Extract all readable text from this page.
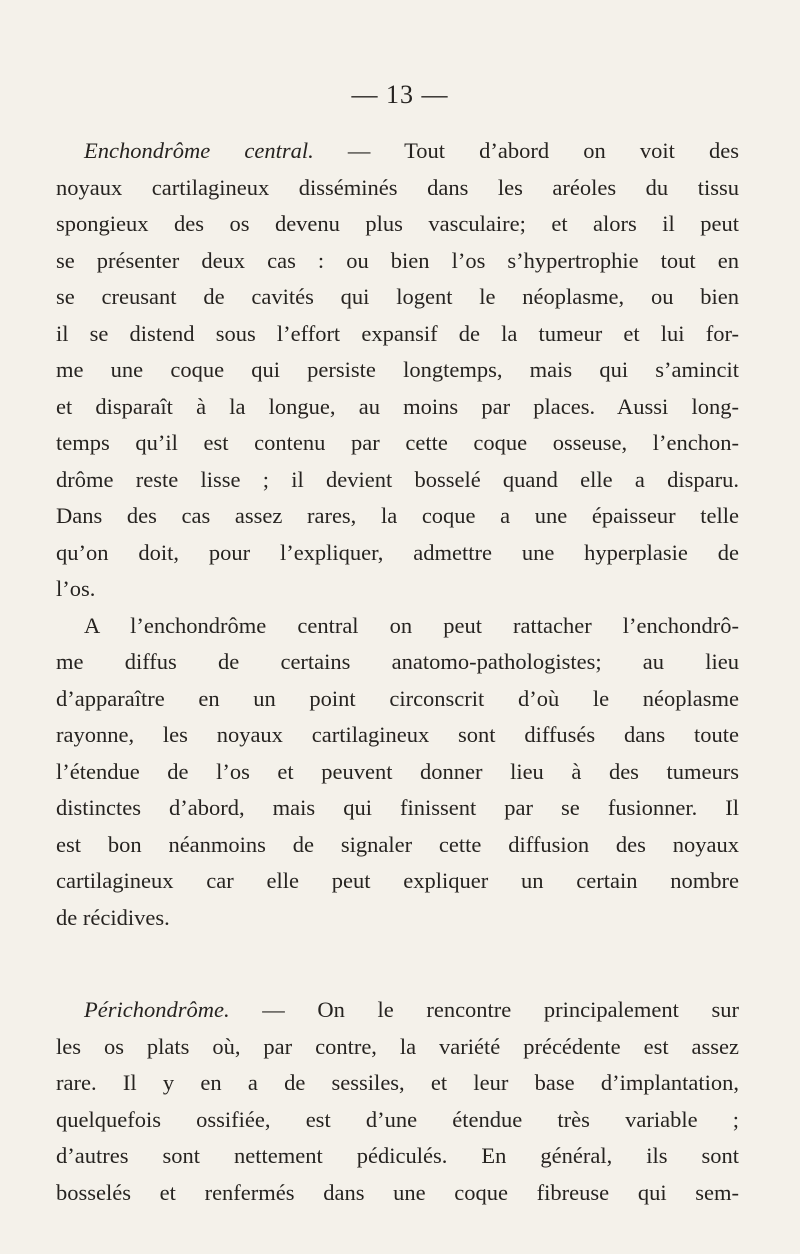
— 13 —
Enchondrôme central. — Tout d’abord on voit des
noyaux cartilagineux disséminés dans les aréoles du tissu
spongieux des os devenu plus vasculaire; et alors il peut
se présenter deux cas : ou bien l’os s’hypertrophie tout en
se creusant de cavités qui logent le néoplasme, ou bien
il se distend sous l’effort expansif de la tumeur et lui for-
me une coque qui persiste longtemps, mais qui s’amincit
et disparaît à la longue, au moins par places. Aussi long-
temps qu’il est contenu par cette coque osseuse, l’enchon-
drôme reste lisse ; il devient bosselé quand elle a disparu.
Dans des cas assez rares, la coque a une épaisseur telle
qu’on doit, pour l’expliquer, admettre une hyperplasie de
l’os.
A l’enchondrôme central on peut rattacher l’enchondrô-
me diffus de certains anatomo-pathologistes; au lieu
d’apparaître en un point circonscrit d’où le néoplasme
rayonne, les noyaux cartilagineux sont diffusés dans toute
l’étendue de l’os et peuvent donner lieu à des tumeurs
distinctes d’abord, mais qui finissent par se fusionner. Il
est bon néanmoins de signaler cette diffusion des noyaux
cartilagineux car elle peut expliquer un certain nombre
de récidives.
Périchondrôme. — On le rencontre principalement sur
les os plats où, par contre, la variété précédente est assez
rare. Il y en a de sessiles, et leur base d’implantation,
quelquefois ossifiée, est d’une étendue très variable ;
d’autres sont nettement pédiculés. En général, ils sont
bosselés et renfermés dans une coque fibreuse qui sem-
